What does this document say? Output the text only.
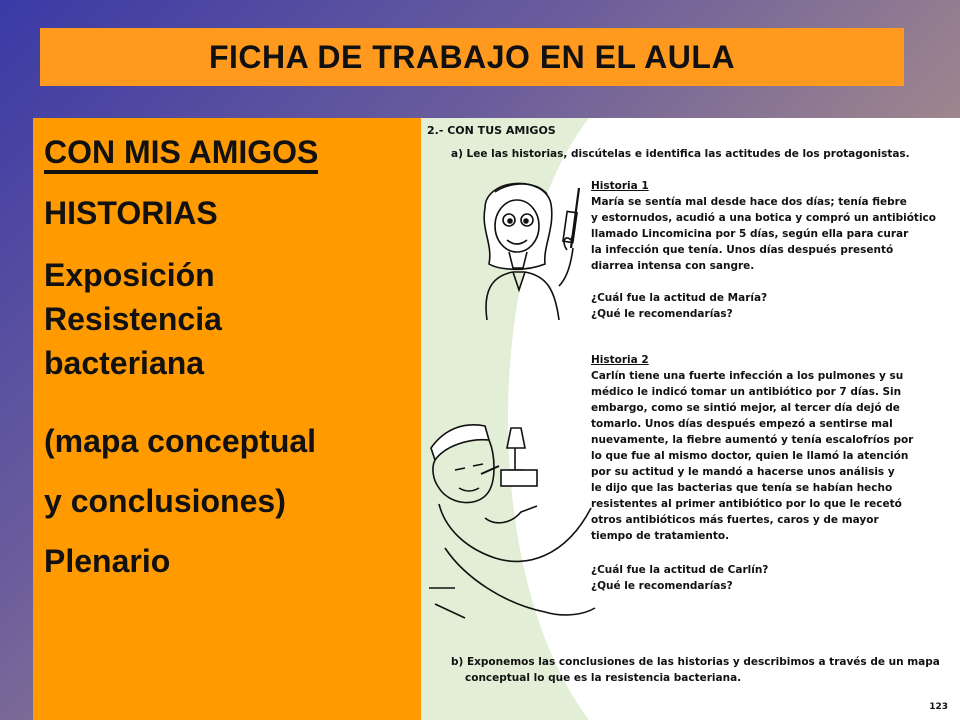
FICHA DE TRABAJO EN EL AULA
CON MIS AMIGOS
HISTORIAS
Exposición
Resistencia
bacteriana
(mapa conceptual
y conclusiones)
Plenario
2.- CON TUS AMIGOS
a) Lee las historias, discútelas e identifica las actitudes de los protagonistas.
Historia 1
María se sentía mal desde hace dos días; tenía fiebre
y estornudos, acudió a una botica y compró un antibiótico
llamado Lincomicina por 5 días, según ella para curar
la infección que tenía. Unos días después presentó
diarrea intensa con sangre.
¿Cuál fue la actitud de María?
¿Qué le recomendarías?
Historia 2
Carlín tiene una fuerte infección a los pulmones y su
médico le indicó tomar un antibiótico por 7 días. Sin
embargo, como se sintió mejor, al tercer día dejó de
tomarlo. Unos días después empezó a sentirse mal
nuevamente, la fiebre aumentó y tenía escalofríos por
lo que fue al mismo doctor, quien le llamó la atención
por su actitud y le mandó a hacerse unos análisis y
le dijo que las bacterias que tenía se habían hecho
resistentes al primer antibiótico por lo que le recetó
otros antibióticos más fuertes, caros y de mayor
tiempo de tratamiento.
¿Cuál fue la actitud de Carlín?
¿Qué le recomendarías?
b) Exponemos las conclusiones de las historias y describimos a través de un mapa
conceptual lo que es la resistencia bacteriana.
123
